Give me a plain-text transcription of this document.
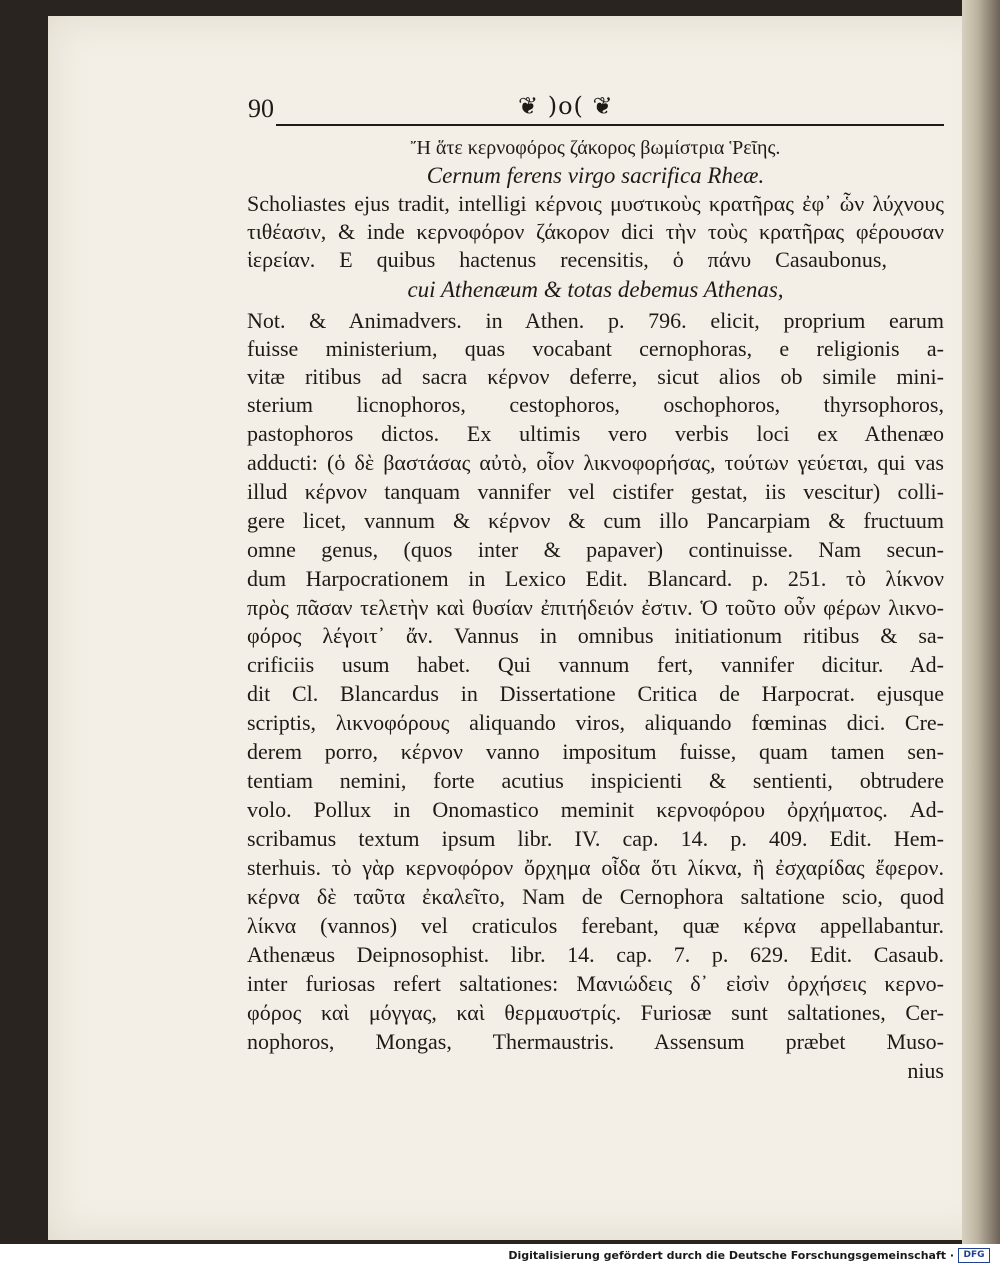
90	❦ )o( ❦
Ἤ ἅτε κερνοφόρος ζάκορος βωμίστρια Ῥεῖης.
Cernum ferens virgo sacrifica Rheæ.
Scholiastes ejus tradit, intelligi κέρνοις μυστικοὺς κρατῆρας ἐφ᾽ ὧν λύχνους
τιθέασιν, & inde κερνοφόρον ζάκορον dici τὴν τοὺς κρατῆρας φέρουσαν
ἱερείαν. E quibus hactenus recensitis, ὁ πάνυ Casaubonus,
cui Athenæum & totas debemus Athenas,
Not. & Animadvers. in Athen. p. 796. elicit, proprium earum
fuisse ministerium, quas vocabant cernophoras, e religionis a-
vitæ ritibus ad sacra κέρνον deferre, sicut alios ob simile mini-
sterium licnophoros, cestophoros, oschophoros, thyrsophoros,
pastophoros dictos. Ex ultimis vero verbis loci ex Athenæo
adducti: (ὁ δὲ βαστάσας αὐτὸ, οἷον λικνοφορήσας, τούτων γεύεται, qui vas
illud κέρνον tanquam vannifer vel cistifer gestat, iis vescitur) colli-
gere licet, vannum & κέρνον & cum illo Pancarpiam & fructuum
omne genus, (quos inter & papaver) continuisse. Nam secun-
dum Harpocrationem in Lexico Edit. Blancard. p. 251. τὸ λίκνον
πρὸς πᾶσαν τελετὴν καὶ θυσίαν ἐπιτήδειόν ἐστιν. Ὁ τοῦτο οὖν φέρων λικνο-
φόρος λέγοιτ᾽ ἄν. Vannus in omnibus initiationum ritibus & sa-
crificiis usum habet. Qui vannum fert, vannifer dicitur. Ad-
dit Cl. Blancardus in Dissertatione Critica de Harpocrat. ejusque
scriptis, λικνοφόρους aliquando viros, aliquando fœminas dici. Cre-
derem porro, κέρνον vanno impositum fuisse, quam tamen sen-
tentiam nemini, forte acutius inspicienti & sentienti, obtrudere
volo. Pollux in Onomastico meminit κερνοφόρου ὀρχήματος. Ad-
scribamus textum ipsum libr. IV. cap. 14. p. 409. Edit. Hem-
sterhuis. τὸ γὰρ κερνοφόρον ὄρχημα οἶδα ὅτι λίκνα, ἢ ἐσχαρίδας ἔφερον.
κέρνα δὲ ταῦτα ἐκαλεῖτο, Nam de Cernophora saltatione scio, quod
λίκνα (vannos) vel craticulos ferebant, quæ κέρνα appellabantur.
Athenæus Deipnosophist. libr. 14. cap. 7. p. 629. Edit. Casaub.
inter furiosas refert saltationes: Μανιώδεις δ᾽ εἰσὶν ὀρχήσεις κερνο-
φόρος καὶ μόγγας, καὶ θερμαυστρίς. Furiosæ sunt saltationes, Cer-
nophoros, Mongas, Thermaustris. Assensum præbet Muso-
nius
Digitalisierung gefördert durch die Deutsche Forschungsgemeinschaft ·	DFG
